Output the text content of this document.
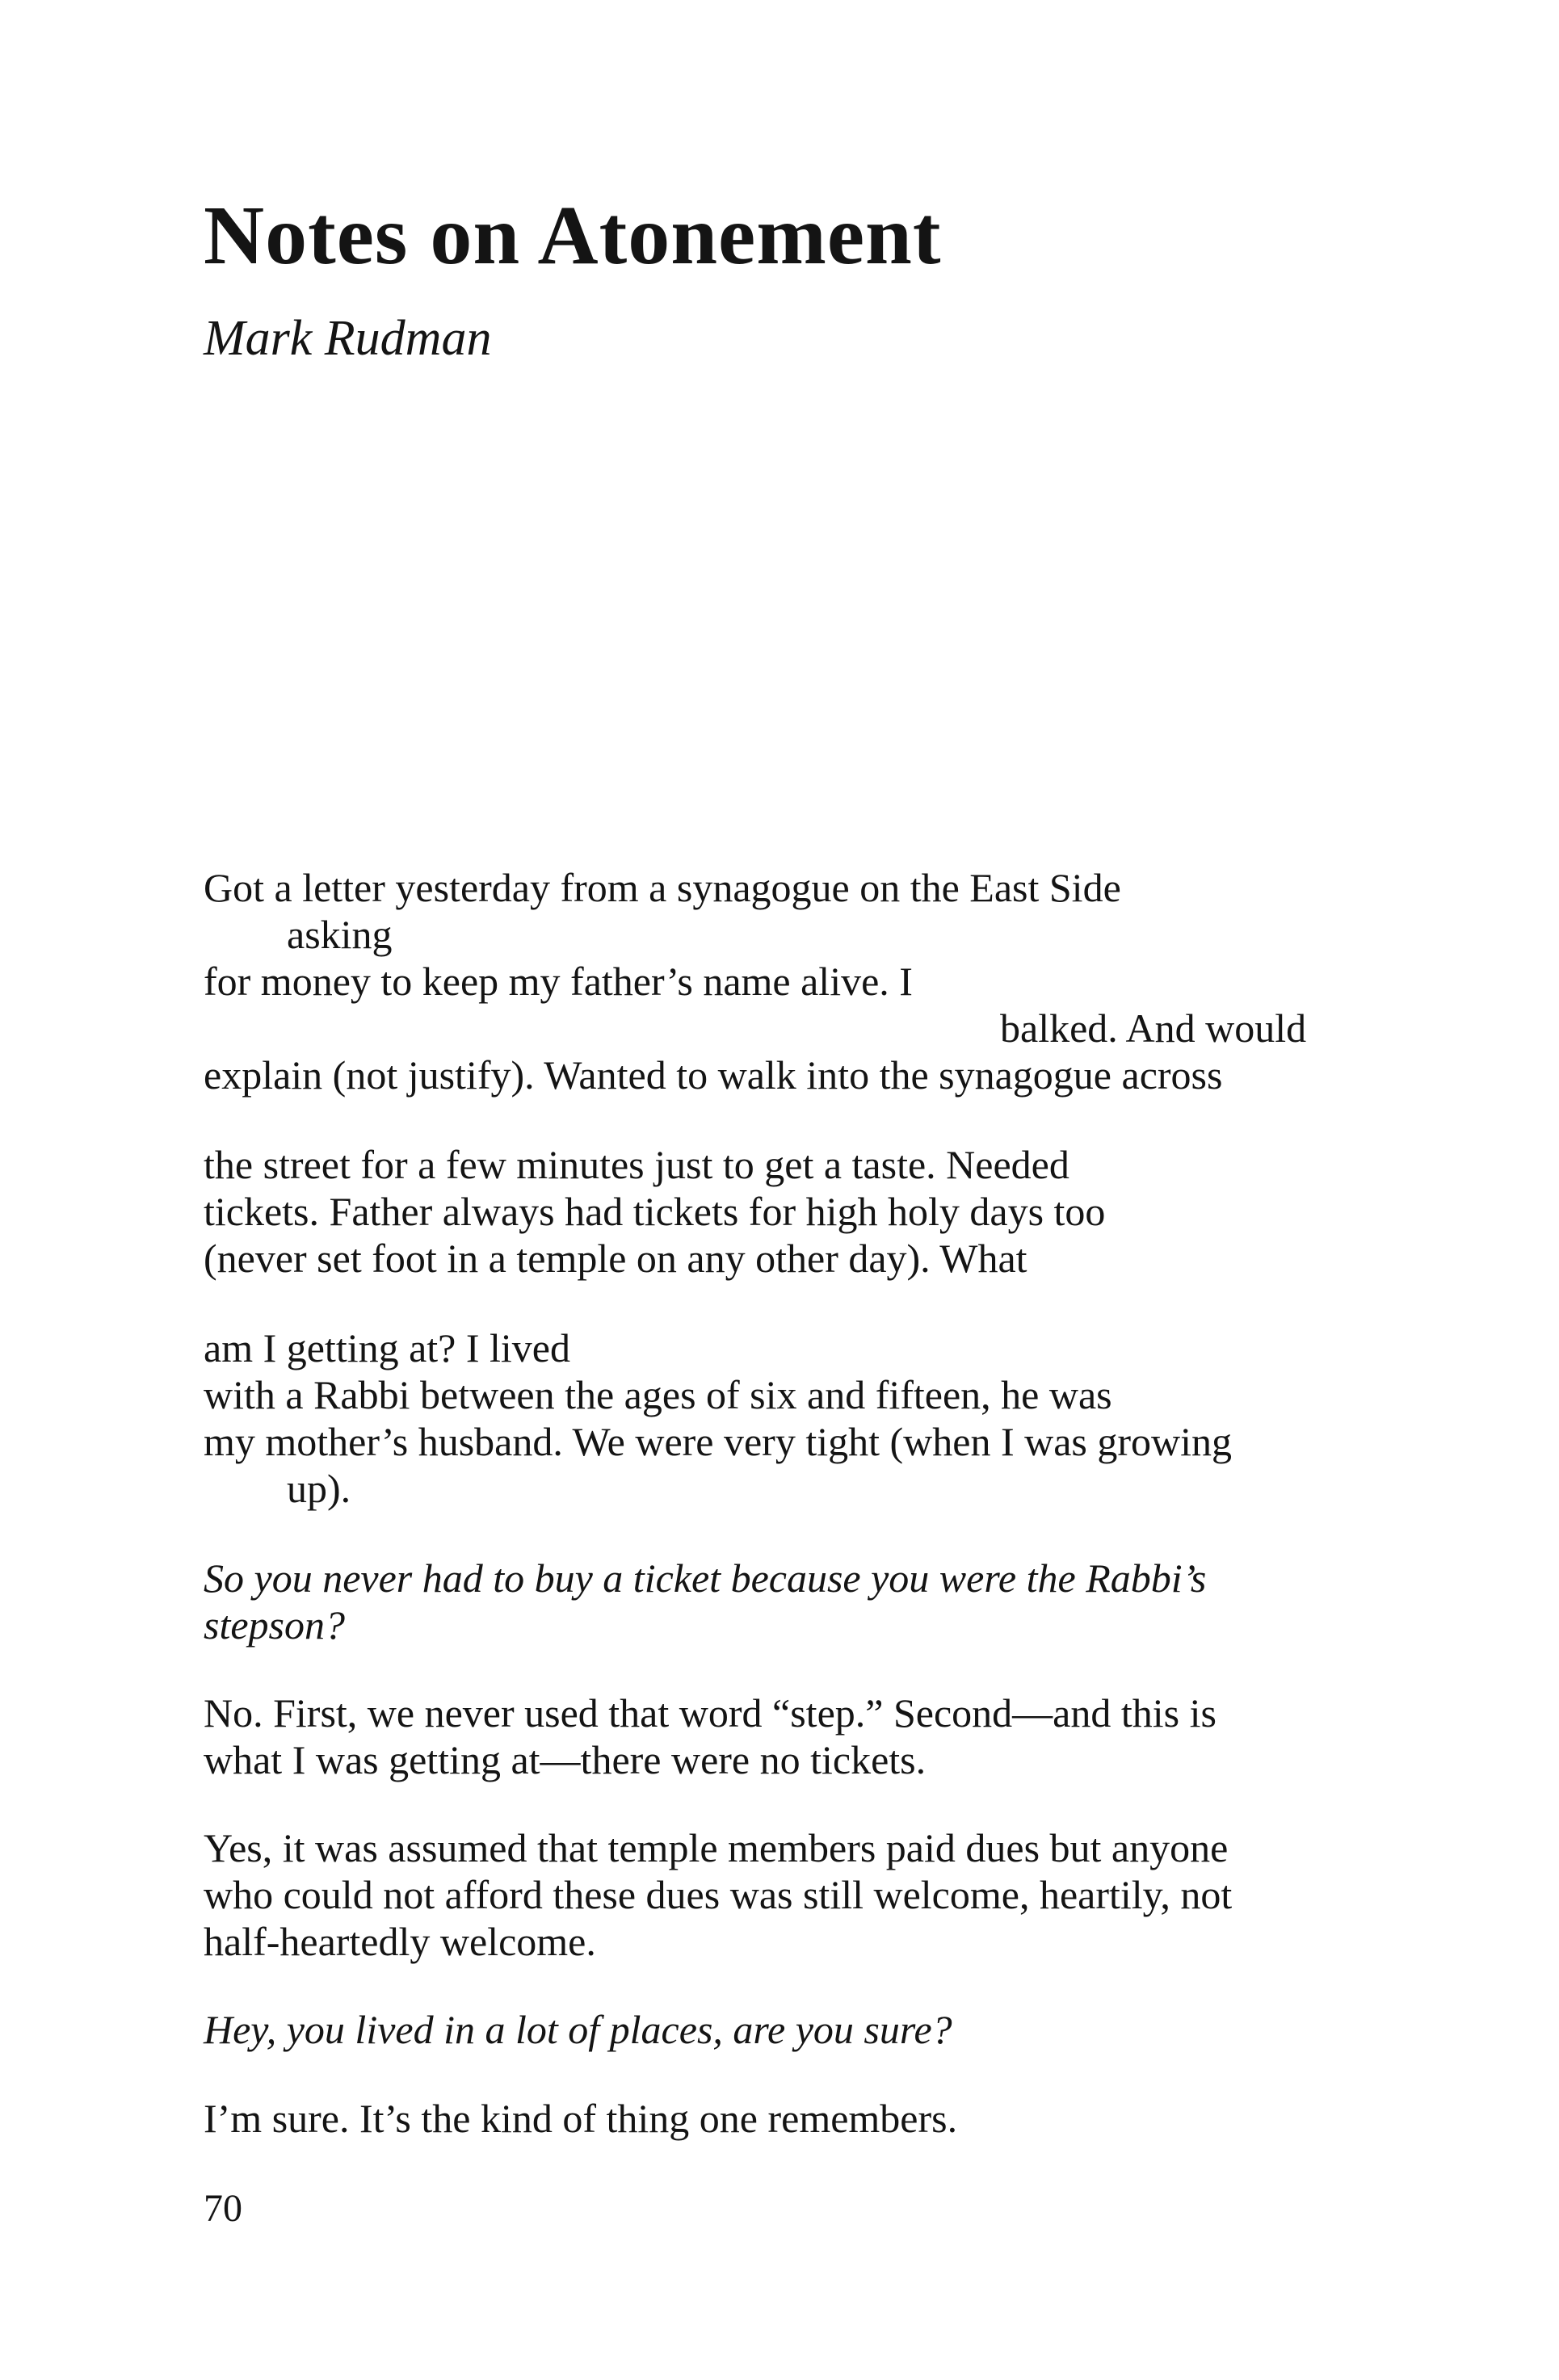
Notes on Atonement
Mark Rudman
Got a letter yesterday from a synagogue on the East Side
asking
for money to keep my father’s name alive. I
balked. And would
explain (not justify). Wanted to walk into the synagogue across
the street for a few minutes just to get a taste. Needed
tickets. Father always had tickets for high holy days too
(never set foot in a temple on any other day). What
am I getting at? I lived
with a Rabbi between the ages of six and fifteen, he was
my mother’s husband. We were very tight (when I was growing
up).
So you never had to buy a ticket because you were the Rabbi’s
stepson?
No. First, we never used that word “step.” Second—and this is
what I was getting at—there were no tickets.
Yes, it was assumed that temple members paid dues but anyone
who could not afford these dues was still welcome, heartily, not
half-heartedly welcome.
Hey, you lived in a lot of places, are you sure?
I’m sure. It’s the kind of thing one remembers.
70
